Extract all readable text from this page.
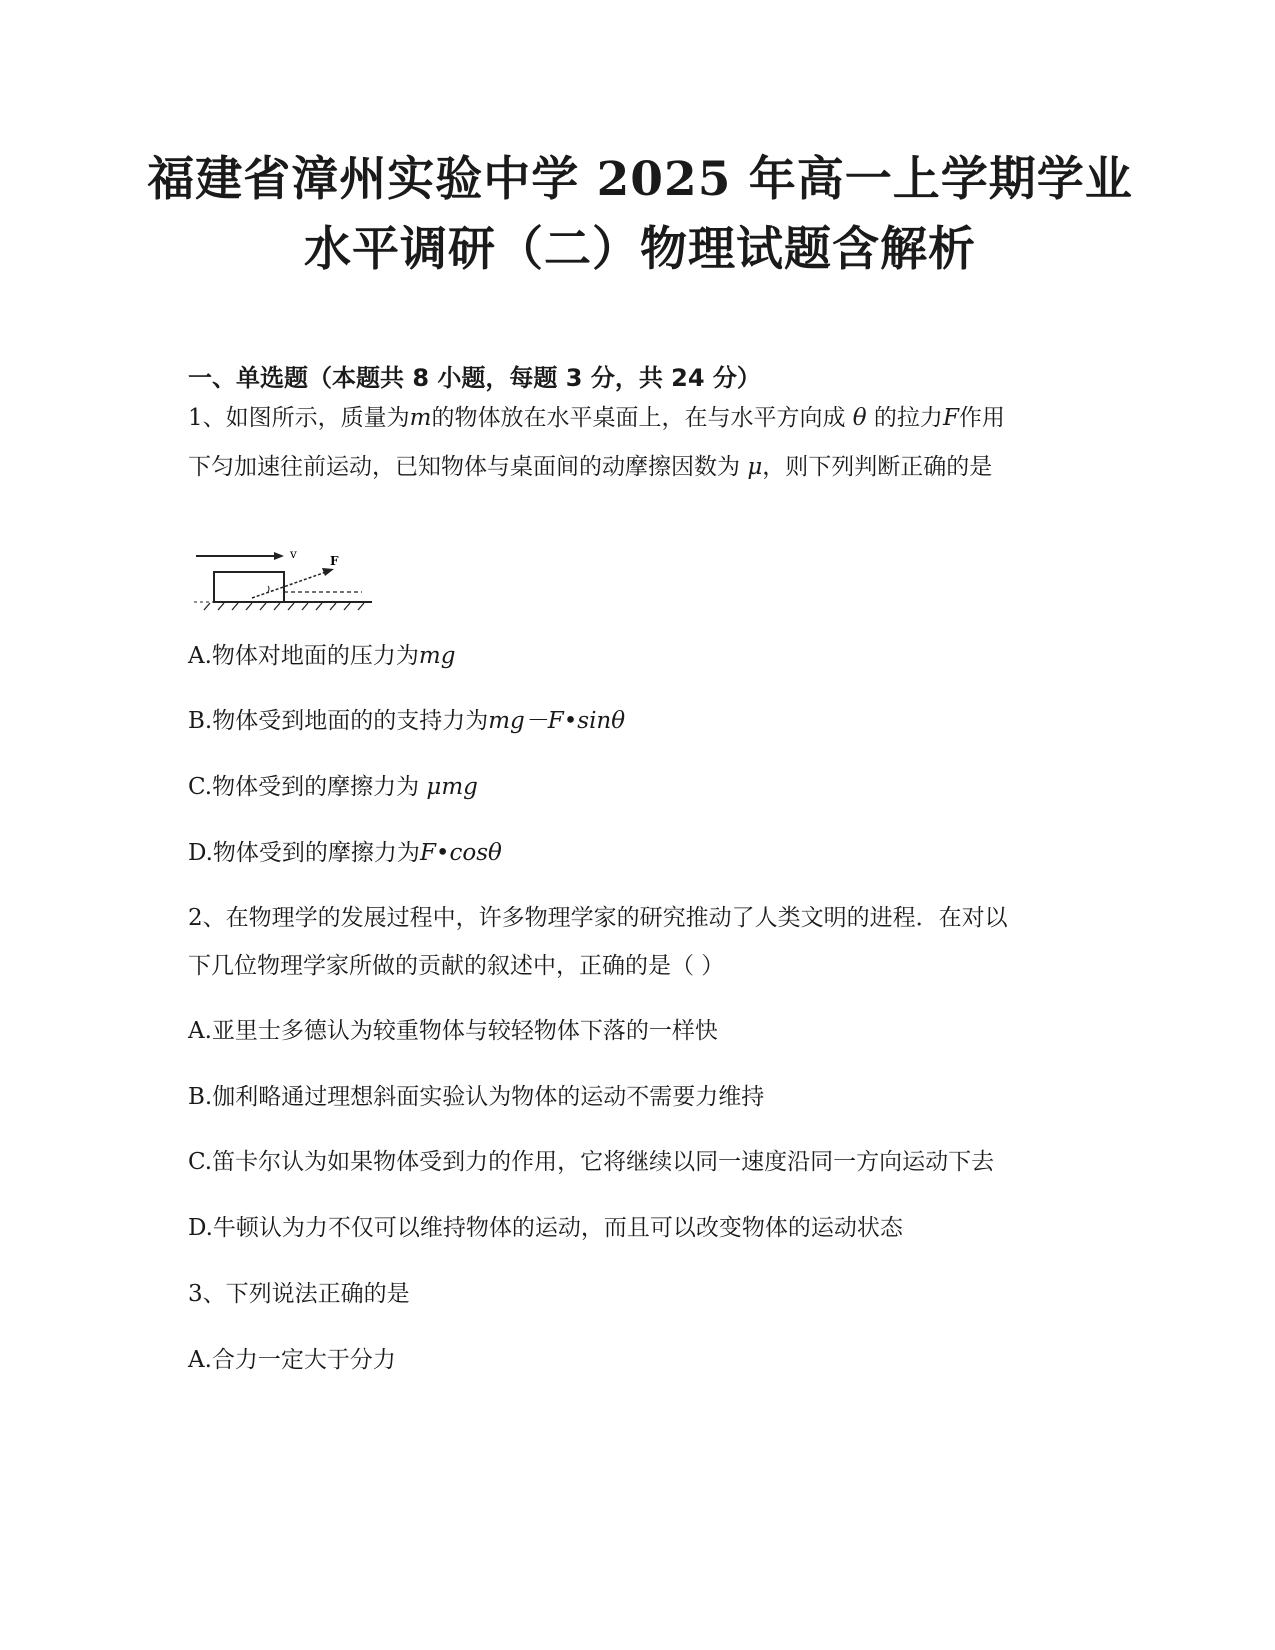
福建省漳州实验中学 2025 年高一上学期学业
水平调研（二）物理试题含解析
一、单选题（本题共 8 小题，每题 3 分，共 24 分）

1、如图所示，质量为m的物体放在水平桌面上，在与水平方向成 θ 的拉力F作用

下匀加速往前运动，已知物体与桌面间的动摩擦因数为 μ，则下列判断正确的是

v	F

A.物体对地面的压力为mg

B.物体受到地面的的支持力为mg－F•sinθ

C.物体受到的摩擦力为 μmg

D.物体受到的摩擦力为F•cosθ

2、在物理学的发展过程中，许多物理学家的研究推动了人类文明的进程．在对以

下几位物理学家所做的贡献的叙述中，正确的是（ ）

A.亚里士多德认为较重物体与较轻物体下落的一样快

B.伽利略通过理想斜面实验认为物体的运动不需要力维持

C.笛卡尔认为如果物体受到力的作用，它将继续以同一速度沿同一方向运动下去

D.牛顿认为力不仅可以维持物体的运动，而且可以改变物体的运动状态

3、下列说法正确的是

A.合力一定大于分力
